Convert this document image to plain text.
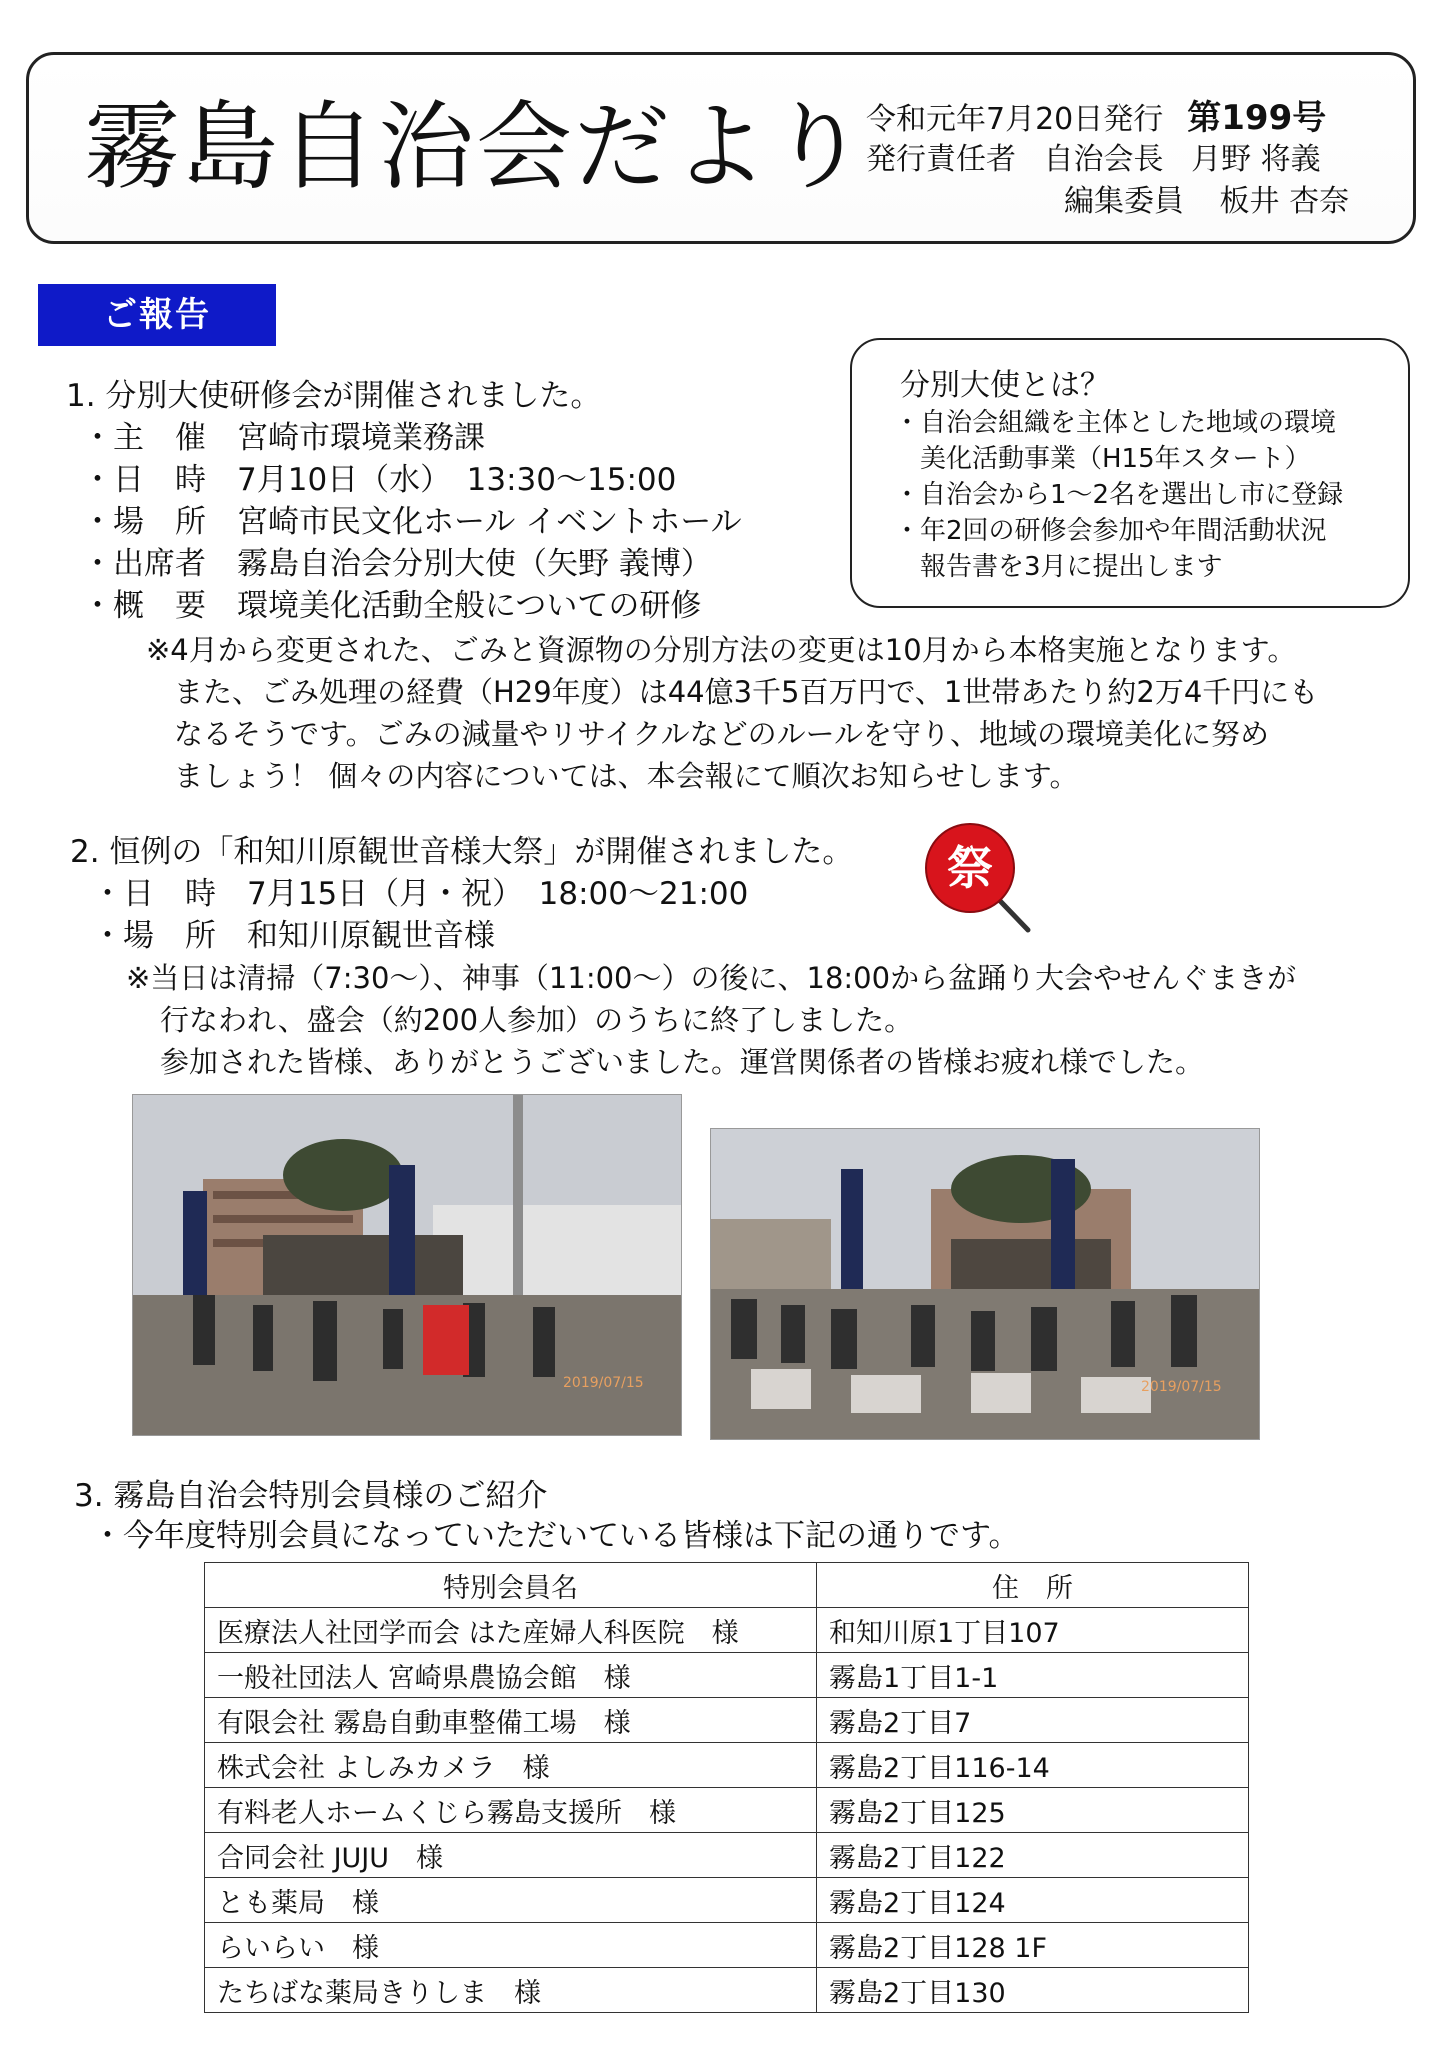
霧島自治会だより
令和元年7月20日発行 第199号
発行責任者 自治会長 月野 将義
編集委員 板井 杏奈
ご報告
分別大使とは？
・自治会組織を主体とした地域の環境
　美化活動事業（H15年スタート）
・自治会から1～2名を選出し市に登録
・年2回の研修会参加や年間活動状況
　報告書を3月に提出します
1. 分別大使研修会が開催されました。
・主　催　宮崎市環境業務課
・日　時　7月10日（水）　13:30～15:00
・場　所　宮崎市民文化ホール イベントホール
・出席者　霧島自治会分別大使（矢野 義博）
・概　要　環境美化活動全般についての研修
※4月から変更された、ごみと資源物の分別方法の変更は10月から本格実施となります。
また、ごみ処理の経費（H29年度）は44億3千5百万円で、1世帯あたり約2万4千円にも
なるそうです。ごみの減量やリサイクルなどのルールを守り、地域の環境美化に努め
ましょう！ 個々の内容については、本会報にて順次お知らせします。
2. 恒例の「和知川原観世音様大祭」が開催されました。
・日　時　7月15日（月・祝）　18:00～21:00
・場　所　和知川原観世音様
※当日は清掃（7:30～）、神事（11:00～）の後に、18:00から盆踊り大会やせんぐまきが
行なわれ、盛会（約200人参加）のうちに終了しました。
参加された皆様、ありがとうございました。運営関係者の皆様お疲れ様でした。
祭
2019/07/15	2019/07/15
3. 霧島自治会特別会員様のご紹介
・今年度特別会員になっていただいている皆様は下記の通りです。
特別会員名	住　所
医療法人社団学而会 はた産婦人科医院　様	和知川原1丁目107
一般社団法人 宮崎県農協会館　様	霧島1丁目1-1
有限会社 霧島自動車整備工場　様	霧島2丁目7
株式会社 よしみカメラ　様	霧島2丁目116-14
有料老人ホームくじら霧島支援所　様	霧島2丁目125
合同会社 JUJU　様	霧島2丁目122
とも薬局　様	霧島2丁目124
らいらい　様	霧島2丁目128 1F
たちばな薬局きりしま　様	霧島2丁目130
